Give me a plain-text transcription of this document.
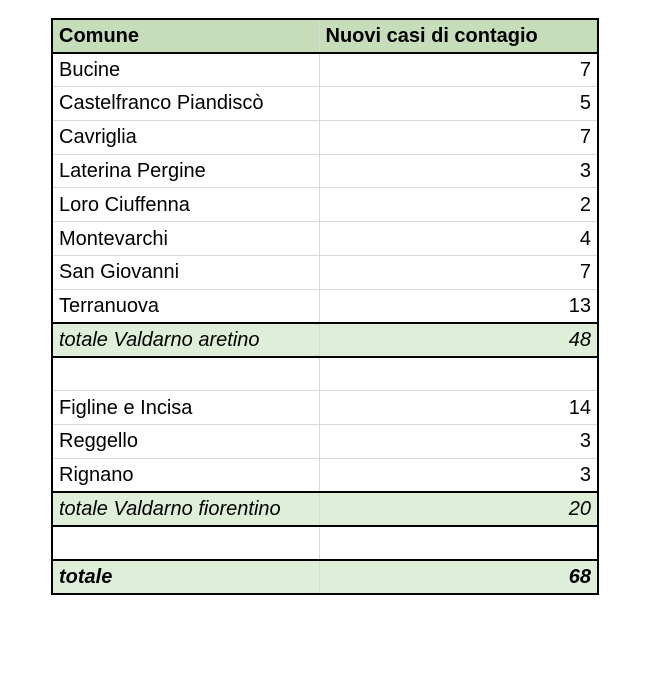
Comune	Nuovi casi di contagio
Bucine	7
Castelfranco Piandiscò	5
Cavriglia	7
Laterina Pergine	3
Loro Ciuffenna	2
Montevarchi	4
San Giovanni	7
Terranuova	13
totale Valdarno aretino	48

Figline e Incisa	14
Reggello	3
Rignano	3
totale Valdarno fiorentino	20

totale	68
